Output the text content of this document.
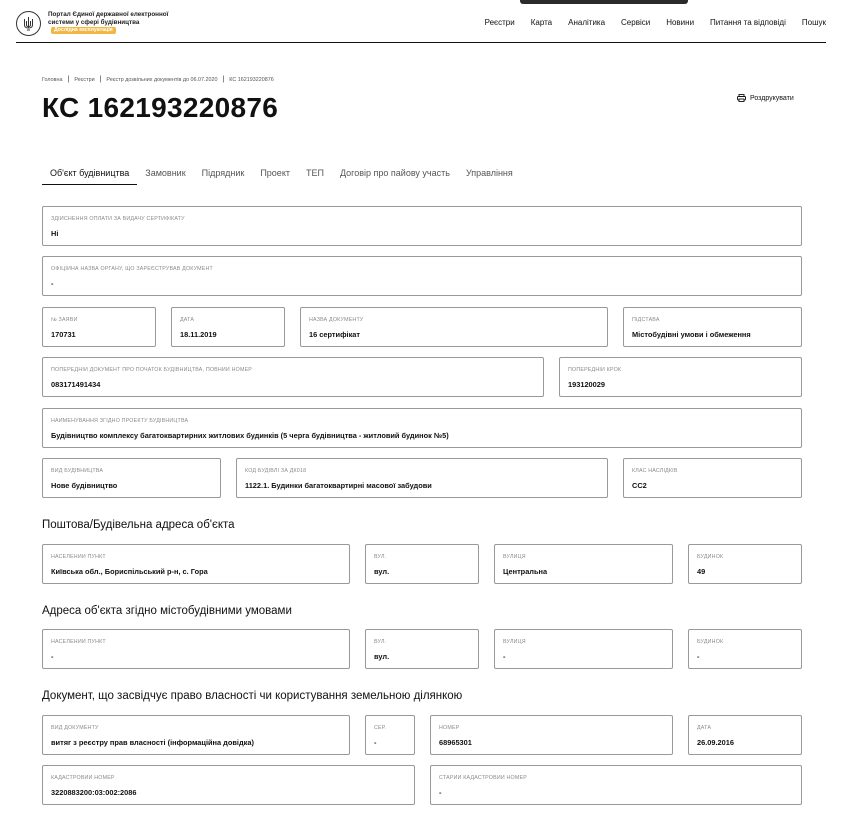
Портал Єдиної державної електронної системи у сфері будівництваДослідна експлуатація
Реєстри Карта Аналітика Сервіси Новини Питання та відповіді Пошук
Головна | Реєстри | Реєстр дозвільних документів до 06.07.2020 | КС 162193220876
КС 162193220876	Роздрукувати
Об'єкт будівництва	Замовник	Підрядник	Проект	ТЕП	Договір про пайову участь	Управління
ЗДІЙСНЕННЯ ОПЛАТИ ЗА ВИДАЧУ СЕРТИФІКАТУ
Ні
ОФІЦІЙНА НАЗВА ОРГАНУ, ЩО ЗАРЕЄСТРУВАВ ДОКУМЕНТ
-
№ ЗАЯВИ
170731
ДАТА
18.11.2019
НАЗВА ДОКУМЕНТУ
16 сертифікат
ПІДСТАВА
Містобудівні умови і обмеження
ПОПЕРЕДНІЙ ДОКУМЕНТ ПРО ПОЧАТОК БУДІВНИЦТВА, ПОВНИЙ НОМЕР
083171491434
ПОПЕРЕДНІЙ КРОК
193120029
НАЙМЕНУВАННЯ ЗГІДНО ПРОЕКТУ БУДІВНИЦТВА
Будівництво комплексу багатоквартирних житлових будинків (5 черга будівництва - житловий будинок №5)
ВИД БУДІВНИЦТВА
Нове будівництво
КОД БУДІВЛІ ЗА ДК018
1122.1. Будинки багатоквартирні масової забудови
КЛАС НАСЛІДКІВ
СС2
Поштова/Будівельна адреса об'єкта
НАСЕЛЕНИЙ ПУНКТ
Київська обл., Бориспільський р-н, с. Гора
ВУЛ.
вул.
ВУЛИЦЯ
Центральна
БУДИНОК
49
Адреса об'єкта згідно містобудівними умовами
НАСЕЛЕНИЙ ПУНКТ
-
ВУЛ.
вул.
ВУЛИЦЯ
-
БУДИНОК
-
Документ, що засвідчує право власності чи користування земельною ділянкою
ВИД ДОКУМЕНТУ
витяг з реєстру прав власності (інформаційна довідка)
СЕР.
-
НОМЕР
68965301
ДАТА
26.09.2016
КАДАСТРОВИЙ НОМЕР
3220883200:03:002:2086
СТАРИЙ КАДАСТРОВИЙ НОМЕР
-
